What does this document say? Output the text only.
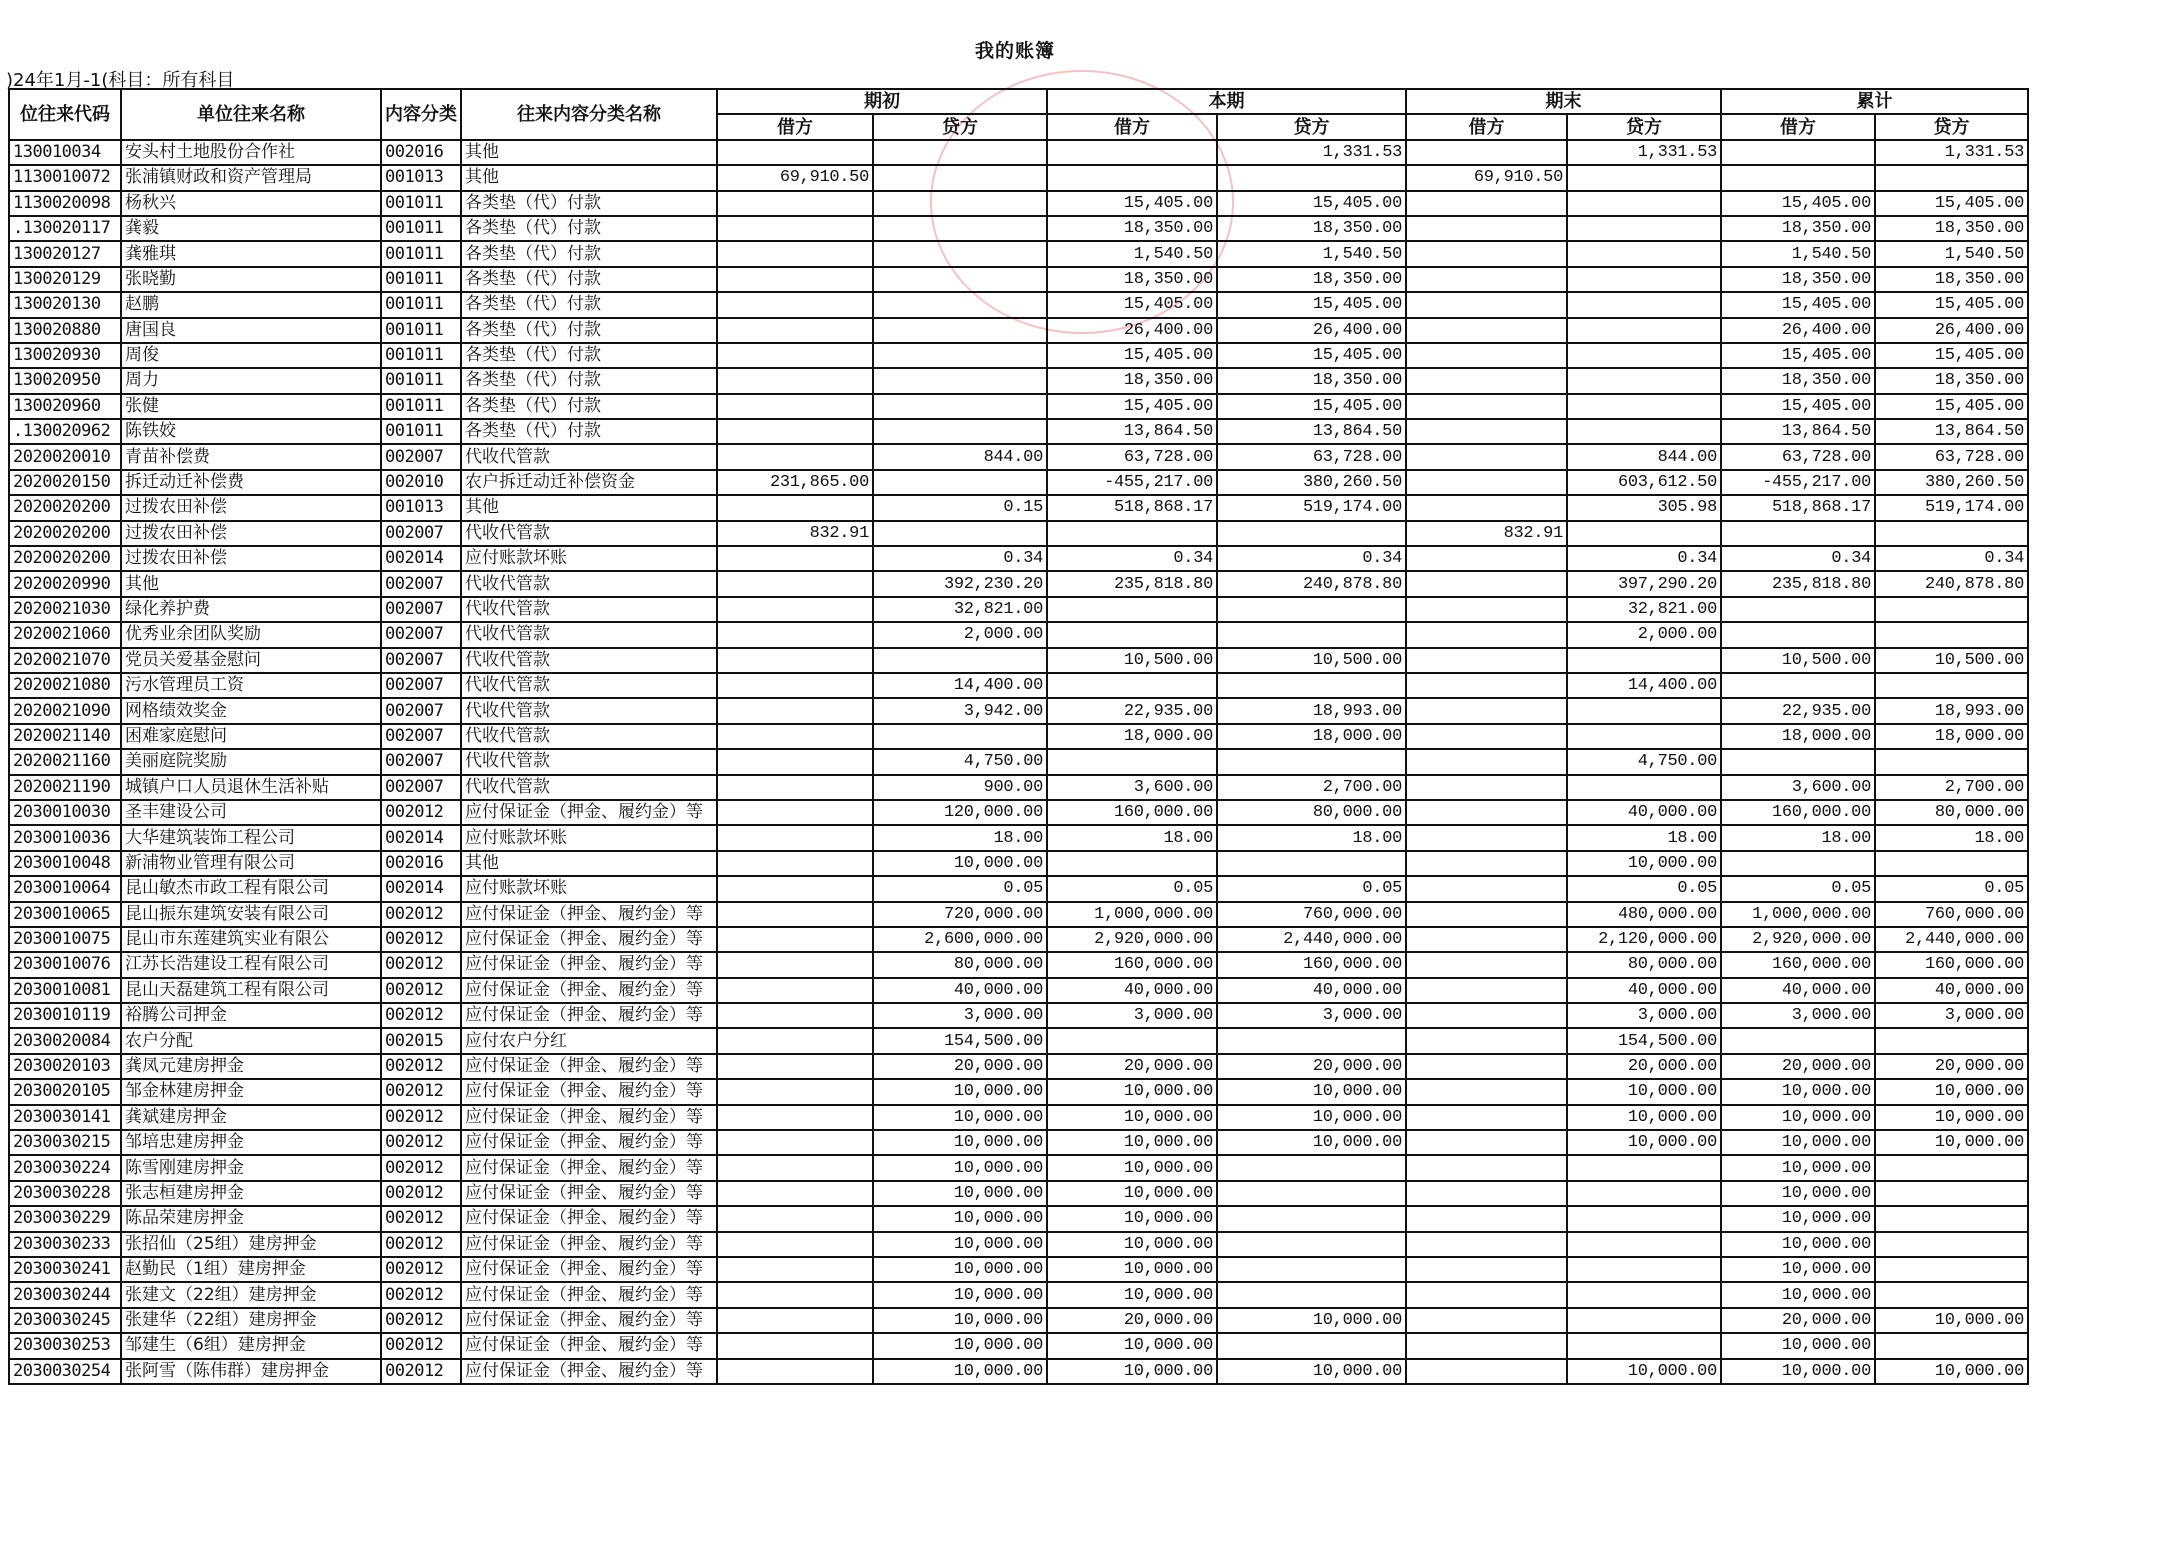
我的账簿
)24年1月-1(科目：所有科目
位往来代码	单位往来名称	内容分类	往来内容分类名称	期初		本期		期末		累计	
				借方	贷方	借方	贷方	借方	贷方	借方	贷方
130010034	安头村土地股份合作社	002016	其他				1,331.53		1,331.53		1,331.53
1130010072	张浦镇财政和资产管理局	001013	其他	69,910.50				69,910.50			
1130020098	杨秋兴	001011	各类垫（代）付款			15,405.00	15,405.00			15,405.00	15,405.00
.130020117	龚毅	001011	各类垫（代）付款			18,350.00	18,350.00			18,350.00	18,350.00
130020127	龚雅琪	001011	各类垫（代）付款			1,540.50	1,540.50			1,540.50	1,540.50
130020129	张晓勤	001011	各类垫（代）付款			18,350.00	18,350.00			18,350.00	18,350.00
130020130	赵鹏	001011	各类垫（代）付款			15,405.00	15,405.00			15,405.00	15,405.00
130020880	唐国良	001011	各类垫（代）付款			26,400.00	26,400.00			26,400.00	26,400.00
130020930	周俊	001011	各类垫（代）付款			15,405.00	15,405.00			15,405.00	15,405.00
130020950	周力	001011	各类垫（代）付款			18,350.00	18,350.00			18,350.00	18,350.00
130020960	张健	001011	各类垫（代）付款			15,405.00	15,405.00			15,405.00	15,405.00
.130020962	陈铁姣	001011	各类垫（代）付款			13,864.50	13,864.50			13,864.50	13,864.50
2020020010	青苗补偿费	002007	代收代管款		844.00	63,728.00	63,728.00		844.00	63,728.00	63,728.00
2020020150	拆迁动迁补偿费	002010	农户拆迁动迁补偿资金	231,865.00		-455,217.00	380,260.50		603,612.50	-455,217.00	380,260.50
2020020200	过拨农田补偿	001013	其他		0.15	518,868.17	519,174.00		305.98	518,868.17	519,174.00
2020020200	过拨农田补偿	002007	代收代管款	832.91				832.91			
2020020200	过拨农田补偿	002014	应付账款坏账		0.34	0.34	0.34		0.34	0.34	0.34
2020020990	其他	002007	代收代管款		392,230.20	235,818.80	240,878.80		397,290.20	235,818.80	240,878.80
2020021030	绿化养护费	002007	代收代管款		32,821.00				32,821.00		
2020021060	优秀业余团队奖励	002007	代收代管款		2,000.00				2,000.00		
2020021070	党员关爱基金慰问	002007	代收代管款			10,500.00	10,500.00			10,500.00	10,500.00
2020021080	污水管理员工资	002007	代收代管款		14,400.00				14,400.00		
2020021090	网格绩效奖金	002007	代收代管款		3,942.00	22,935.00	18,993.00			22,935.00	18,993.00
2020021140	困难家庭慰问	002007	代收代管款			18,000.00	18,000.00			18,000.00	18,000.00
2020021160	美丽庭院奖励	002007	代收代管款		4,750.00				4,750.00		
2020021190	城镇户口人员退休生活补贴	002007	代收代管款		900.00	3,600.00	2,700.00			3,600.00	2,700.00
2030010030	圣丰建设公司	002012	应付保证金（押金、履约金）等		120,000.00	160,000.00	80,000.00		40,000.00	160,000.00	80,000.00
2030010036	大华建筑装饰工程公司	002014	应付账款坏账		18.00	18.00	18.00		18.00	18.00	18.00
2030010048	新浦物业管理有限公司	002016	其他		10,000.00				10,000.00		
2030010064	昆山敏杰市政工程有限公司	002014	应付账款坏账		0.05	0.05	0.05		0.05	0.05	0.05
2030010065	昆山振东建筑安装有限公司	002012	应付保证金（押金、履约金）等		720,000.00	1,000,000.00	760,000.00		480,000.00	1,000,000.00	760,000.00
2030010075	昆山市东莲建筑实业有限公	002012	应付保证金（押金、履约金）等		2,600,000.00	2,920,000.00	2,440,000.00		2,120,000.00	2,920,000.00	2,440,000.00
2030010076	江苏长浩建设工程有限公司	002012	应付保证金（押金、履约金）等		80,000.00	160,000.00	160,000.00		80,000.00	160,000.00	160,000.00
2030010081	昆山天磊建筑工程有限公司	002012	应付保证金（押金、履约金）等		40,000.00	40,000.00	40,000.00		40,000.00	40,000.00	40,000.00
2030010119	裕腾公司押金	002012	应付保证金（押金、履约金）等		3,000.00	3,000.00	3,000.00		3,000.00	3,000.00	3,000.00
2030020084	农户分配	002015	应付农户分红		154,500.00				154,500.00		
2030020103	龚凤元建房押金	002012	应付保证金（押金、履约金）等		20,000.00	20,000.00	20,000.00		20,000.00	20,000.00	20,000.00
2030020105	邹金林建房押金	002012	应付保证金（押金、履约金）等		10,000.00	10,000.00	10,000.00		10,000.00	10,000.00	10,000.00
2030030141	龚斌建房押金	002012	应付保证金（押金、履约金）等		10,000.00	10,000.00	10,000.00		10,000.00	10,000.00	10,000.00
2030030215	邹培忠建房押金	002012	应付保证金（押金、履约金）等		10,000.00	10,000.00	10,000.00		10,000.00	10,000.00	10,000.00
2030030224	陈雪刚建房押金	002012	应付保证金（押金、履约金）等		10,000.00	10,000.00				10,000.00	
2030030228	张志桓建房押金	002012	应付保证金（押金、履约金）等		10,000.00	10,000.00				10,000.00	
2030030229	陈品荣建房押金	002012	应付保证金（押金、履约金）等		10,000.00	10,000.00				10,000.00	
2030030233	张招仙（25组）建房押金	002012	应付保证金（押金、履约金）等		10,000.00	10,000.00				10,000.00	
2030030241	赵勤民（1组）建房押金	002012	应付保证金（押金、履约金）等		10,000.00	10,000.00				10,000.00	
2030030244	张建文（22组）建房押金	002012	应付保证金（押金、履约金）等		10,000.00	10,000.00				10,000.00	
2030030245	张建华（22组）建房押金	002012	应付保证金（押金、履约金）等		10,000.00	20,000.00	10,000.00			20,000.00	10,000.00
2030030253	邹建生（6组）建房押金	002012	应付保证金（押金、履约金）等		10,000.00	10,000.00				10,000.00	
2030030254	张阿雪（陈伟群）建房押金	002012	应付保证金（押金、履约金）等		10,000.00	10,000.00	10,000.00		10,000.00	10,000.00	10,000.00
